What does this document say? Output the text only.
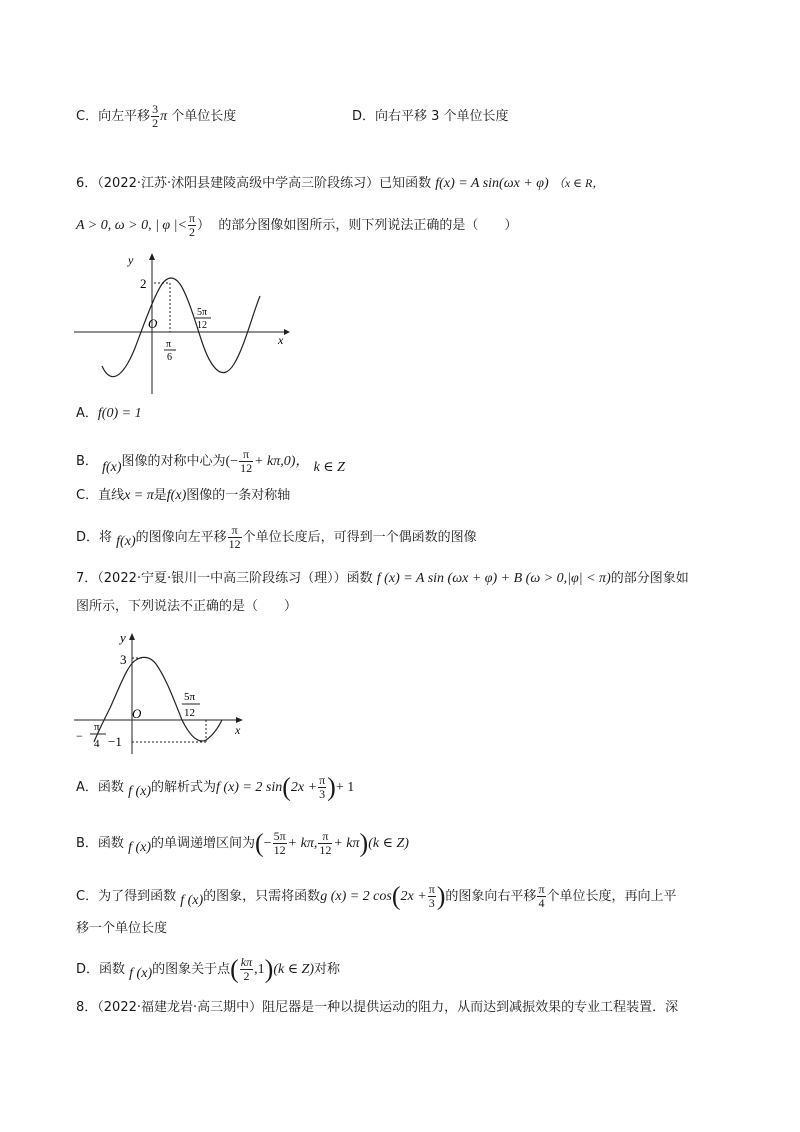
C．向左平移 $\frac{3}{2}$ π 个单位长度	D．向右平移 3 个单位长度
6．（2022·江苏·沭阳县建陵高级中学高三阶段练习）已知函数 f(x) = A sin(ωx + φ) （x ∈ R，
A > 0, ω > 0, | φ |< $\frac{\pi}{2}$ ） 的部分图像如图所示，则下列说法正确的是（　　）
y
x
2
O
π
6
5π
12
A．f(0) = 1
B． f(x)图像的对称中心为(− $\frac{\pi}{12} + k\pi,0$)， k ∈ Z
C．直线x = π是f(x)图像的一条对称轴
D．将 f(x)的图像向左平移 $\frac{\pi}{12}$ 个单位长度后，可得到一个偶函数的图像
7．（2022·宁夏·银川一中高三阶段练习（理））函数 f (x) = A sin (ωx + φ) + B (ω > 0,|φ| < π)的部分图象如
图所示，下列说法不正确的是（　　）
y
x
3
O
−1
−
π
4
5π
12
A．函数 f (x)的解析式为f (x) = 2 $\sin(2x + \frac{\pi}{3}$ )+ 1
B．函数 f (x)的单调递增区间为(− $\frac{5\pi}{12} + k\pi$, $\frac{\pi}{12} + k\pi)(k$ ∈ Z)
C．为了得到函数 f (x)的图象，只需将函数g (x) = 2 $\cos(2x + \frac{\pi}{3}$ )的图象向右平移 $\frac{\pi}{4}$ 个单位长度，再向上平
移一个单位长度
D．函数 f (x)的图象关于点( $\frac{k\pi}{2} ,1)(k$ ∈ Z)对称
8．（2022·福建龙岩·高三期中）阻尼器是一种以提供运动的阻力，从而达到减振效果的专业工程装置．深
